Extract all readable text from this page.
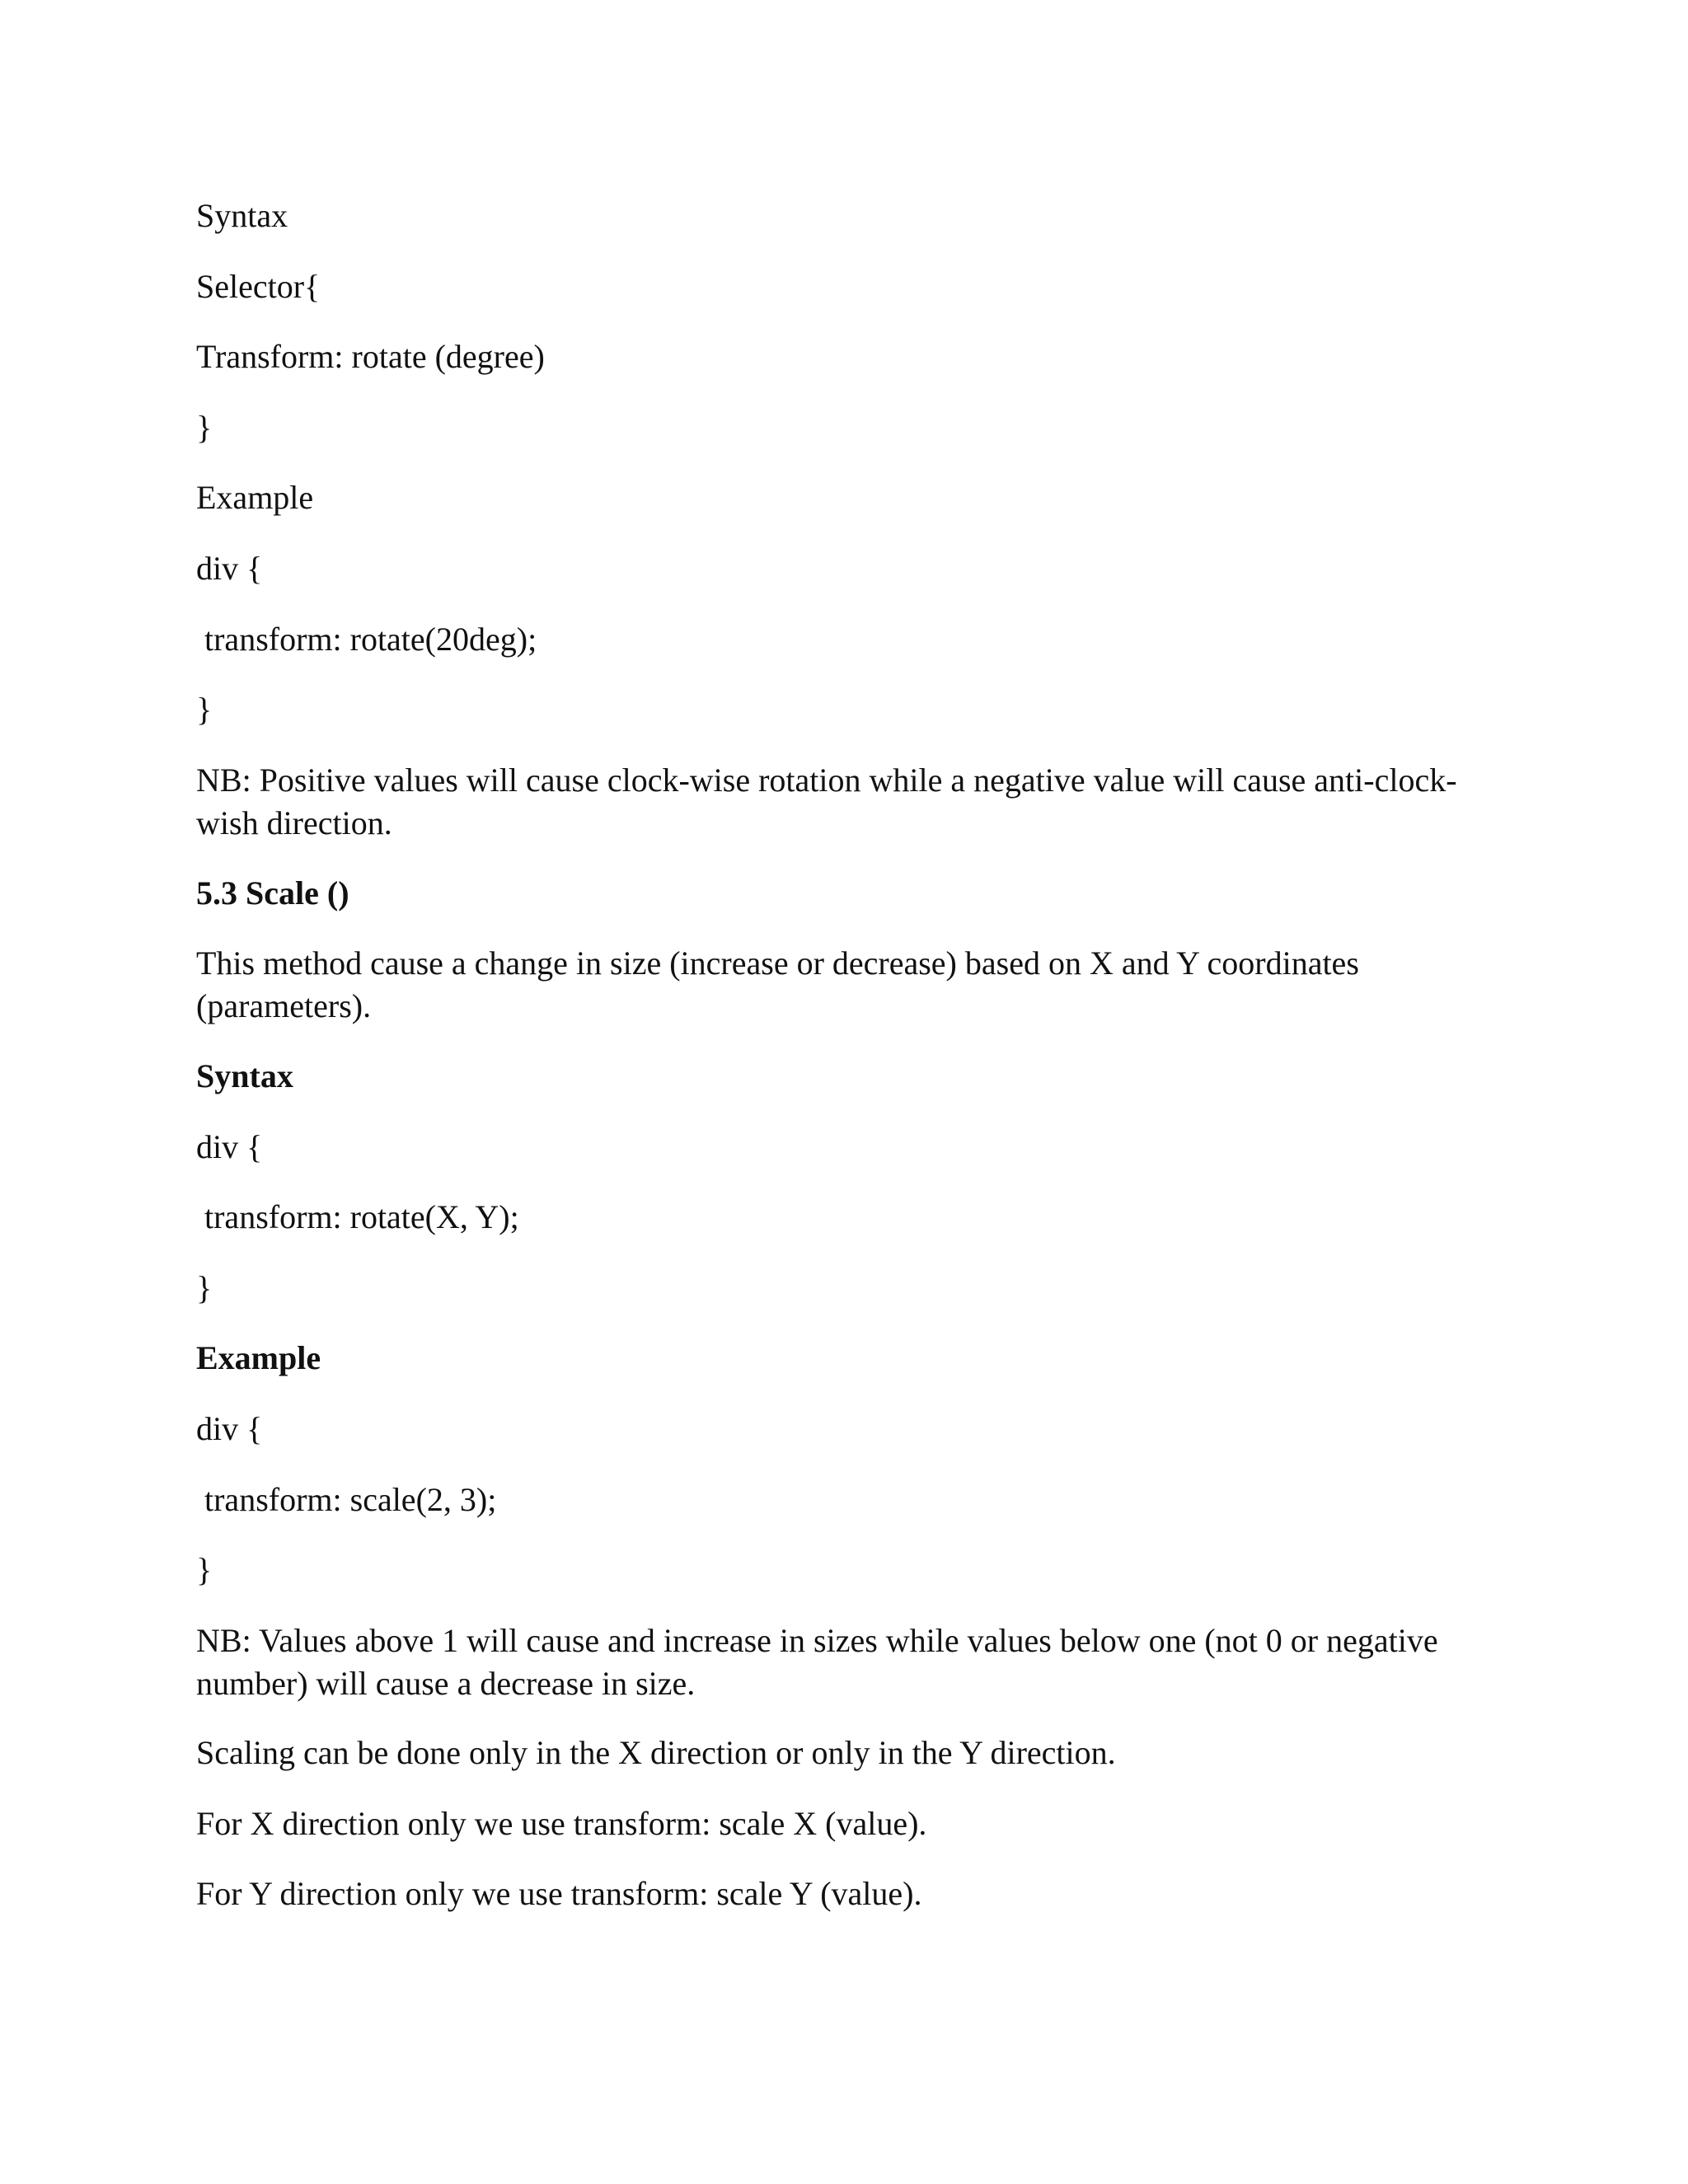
Syntax
Selector{
Transform: rotate (degree)
}
Example
div {
transform: rotate(20deg);
}
NB: Positive values will cause clock-wise rotation while a negative value will cause anti-clock-wish direction.
5.3 Scale ()
This method cause a change in size (increase or decrease) based on X and Y coordinates (parameters).
Syntax
div {
transform: rotate(X, Y);
}
Example
div {
transform: scale(2, 3);
}
NB: Values above 1 will cause and increase in sizes while values below one (not 0 or negative number) will cause a decrease in size.
Scaling can be done only in the X direction or only in the Y direction.
For X direction only we use transform: scale X (value).
For Y direction only we use transform: scale Y (value).
